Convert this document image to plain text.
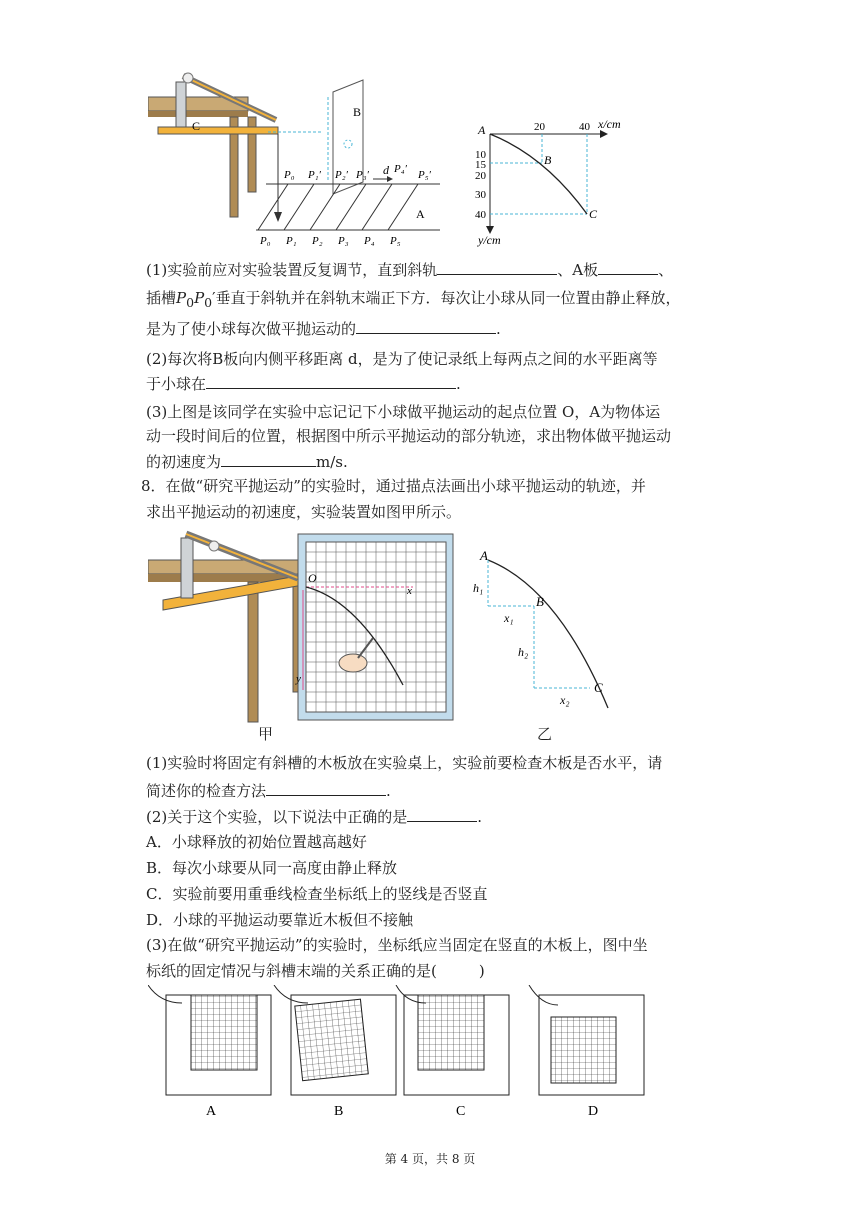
B
C
A
d
P₀ P₁′ P₂′ P₃′ P₄′ P₅′
P₀ P₁ P₂ P₃ P₄ P₅
A	x/cm
y/cm
20	40
10
15
20
30
40
B
C
(1)实验前应对实验装置反复调节，直到斜轨	、A板	、
插槽$P_0P_0'$垂直于斜轨并在斜轨末端正下方．每次让小球从同一位置由静止释放，
是为了使小球每次做平抛运动的	.
(2)每次将B板向内侧平移距离 d，是为了使记录纸上每两点之间的水平距离等
于小球在	.
(3)上图是该同学在实验中忘记记下小球做平抛运动的起点位置 O，A为物体运
动一段时间后的位置，根据图中所示平抛运动的部分轨迹，求出物体做平抛运动
的初速度为	m/s.
8．在做“研究平抛运动”的实验时，通过描点法画出小球平抛运动的轨迹，并
求出平抛运动的初速度，实验装置如图甲所示。
O
x
y
甲
A
B
C
h₁
x₁
h₂
x₂
乙
(1)实验时将固定有斜槽的木板放在实验桌上，实验前要检查木板是否水平，请
简述你的检查方法	.
(2)关于这个实验，以下说法中正确的是	.
A．小球释放的初始位置越高越好
B．每次小球要从同一高度由静止释放
C．实验前要用重垂线检查坐标纸上的竖线是否竖直
D．小球的平抛运动要靠近木板但不接触
(3)在做“研究平抛运动”的实验时，坐标纸应当固定在竖直的木板上，图中坐
标纸的固定情况与斜槽末端的关系正确的是(	)
A	B	C	D
第 4 页，共 8 页
